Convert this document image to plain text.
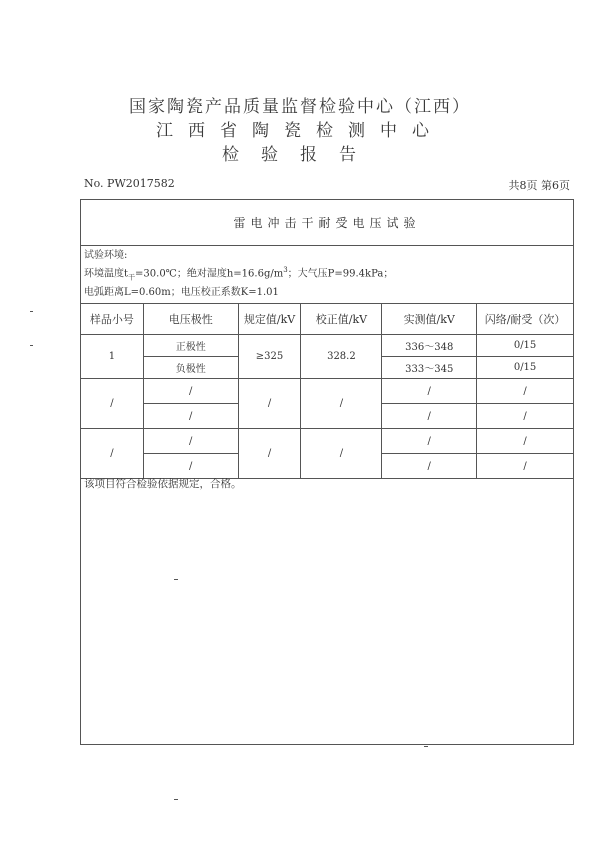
国家陶瓷产品质量监督检验中心（江西）
江西省陶瓷检测中心
检验报告
No. PW2017582	共8页 第6页
雷电冲击干耐受电压试验
试验环境:
环境温度$t_干=30.0℃$；绝对湿度$h=16.6g/m^3$；大气压P=99.4kPa；
电弧距离L=0.60m；电压校正系数K=1.01
样品小号	电压极性	规定值/kV	校正值/kV	实测值/kV	闪络/耐受（次）
1	正极性	≥325	328.2	336～348	0/15
	负极性			333～345	0/15
/	/	/	/	/	/
	/			/	/
/	/	/	/	/	/
	/			/	/
该项目符合检验依据规定，合格。
